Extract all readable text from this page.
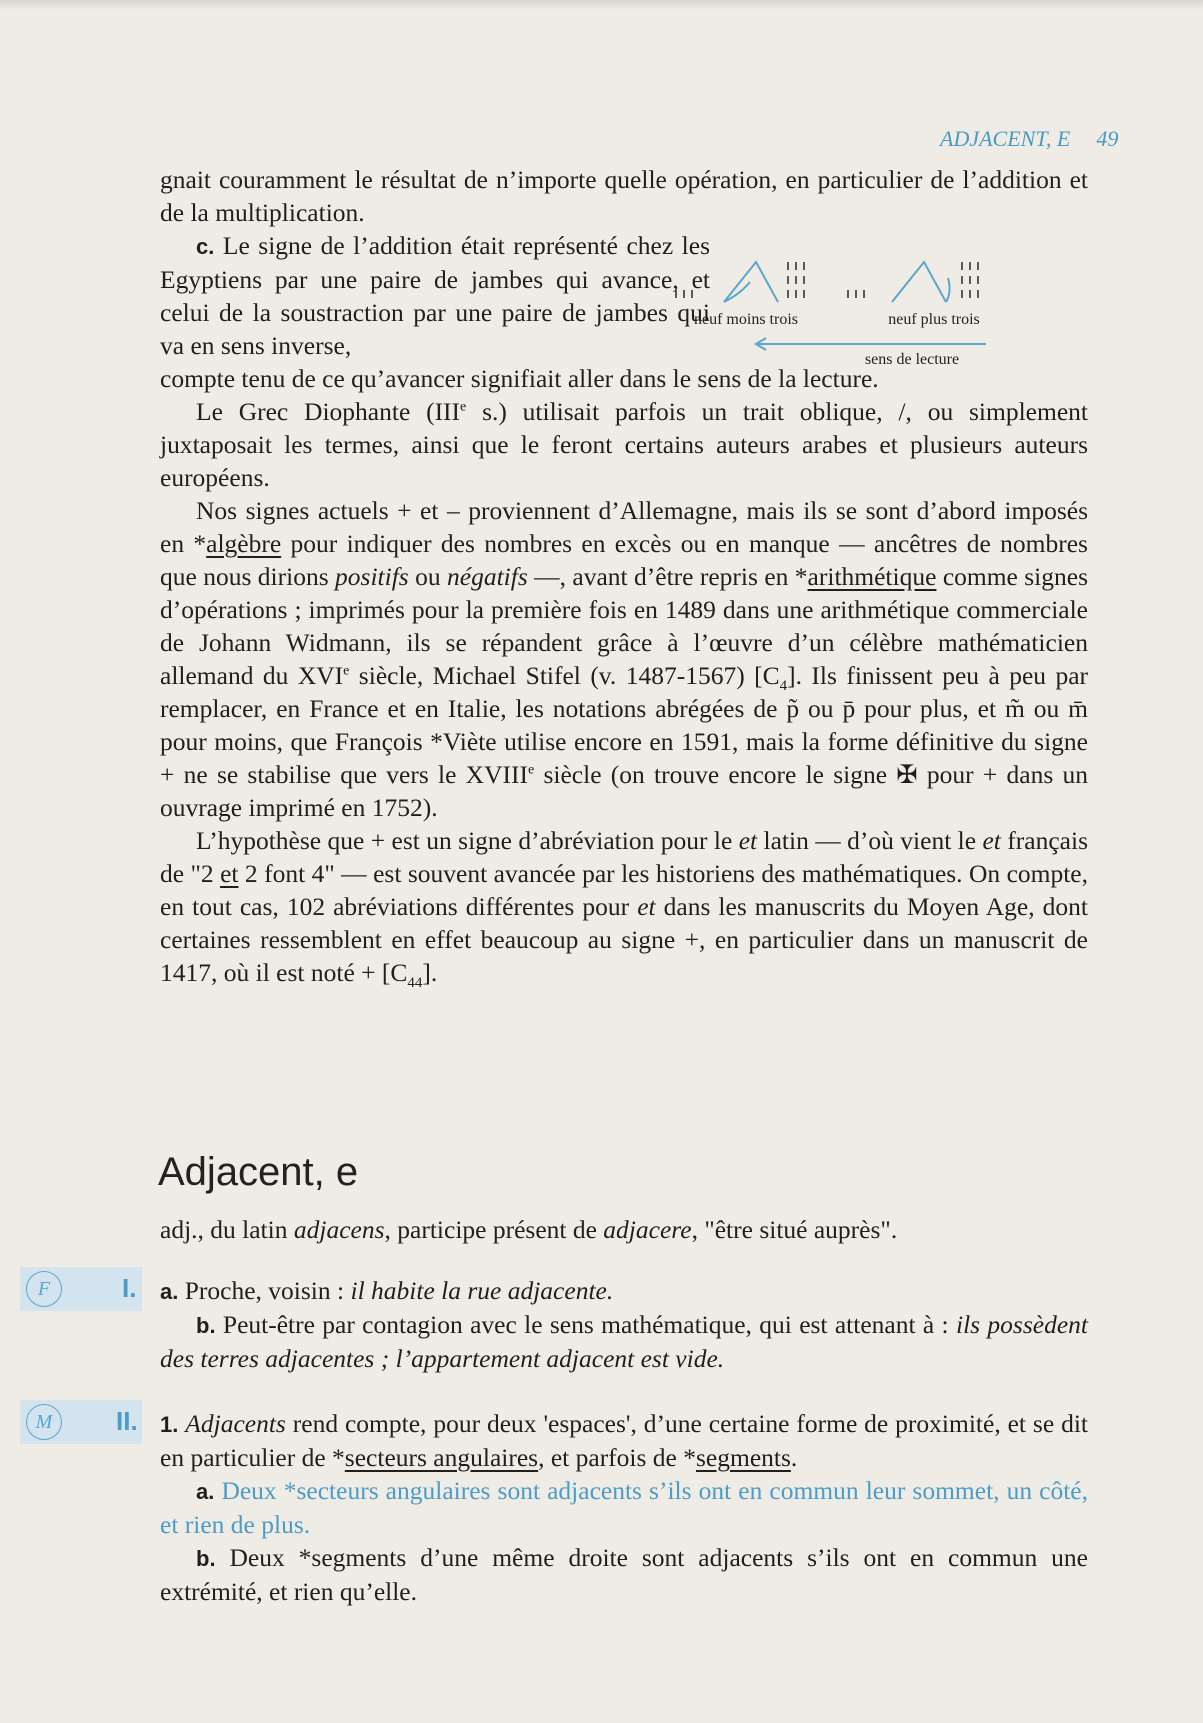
ADJACENT, E 49

gnait couramment le résultat de n’importe quelle opération, en particulier de l’addition et de la multiplication.

c. Le signe de l’addition était représenté chez les Egyptiens par une paire de jambes qui avance, et celui de la soustraction par une paire de jambes qui va en sens inverse,

compte tenu de ce qu’avancer signifiait aller dans le sens de la lecture.

Le Grec Diophante (IIIe s.) utilisait parfois un trait oblique, /, ou simplement juxtaposait les termes, ainsi que le feront certains auteurs arabes et plusieurs auteurs européens.

Nos signes actuels + et – proviennent d’Allemagne, mais ils se sont d’abord imposés en *algèbre pour indiquer des nombres en excès ou en manque — ancêtres de nombres que nous dirions positifs ou négatifs —, avant d’être repris en *arithmétique comme signes d’opérations ; imprimés pour la première fois en 1489 dans une arithmétique commerciale de Johann Widmann, ils se répandent grâce à l’œuvre d’un célèbre mathématicien allemand du XVIe siècle, Michael Stifel (v. 1487-1567) $[C_4]$. Ils finissent peu à peu par remplacer, en France et en Italie, les notations abrégées de p̃ ou p̄ pour plus, et m̃ ou m̄ pour moins, que François *Viète utilise encore en 1591, mais la forme définitive du signe + ne se stabilise que vers le XVIIIe siècle (on trouve encore le signe ✠ pour + dans un ouvrage imprimé en 1752).

L’hypothèse que + est un signe d’abréviation pour le et latin — d’où vient le et français de "2 et 2 font 4" — est souvent avancée par les historiens des mathématiques. On compte, en tout cas, 102 abréviations différentes pour et dans les manuscrits du Moyen Age, dont certaines ressemblent en effet beaucoup au signe +, en particulier dans un manuscrit de 1417, où il est noté + $[C_{44}]$.

neuf moins trois	neuf plus trois
sens de lecture
Adjacent, e

adj., du latin adjacens, participe présent de adjacere, "être situé auprès".

F	I. a. Proche, voisin : il habite la rue adjacente.

b. Peut-être par contagion avec le sens mathématique, qui est attenant à : ils possèdent des terres adjacentes ; l’appartement adjacent est vide.

M	II. 1. Adjacents rend compte, pour deux 'espaces', d’une certaine forme de proximité, et se dit en particulier de *secteurs angulaires, et parfois de *segments.

a. Deux *secteurs angulaires sont adjacents s’ils ont en commun leur sommet, un côté, et rien de plus.

b. Deux *segments d’une même droite sont adjacents s’ils ont en commun une extrémité, et rien qu’elle.
